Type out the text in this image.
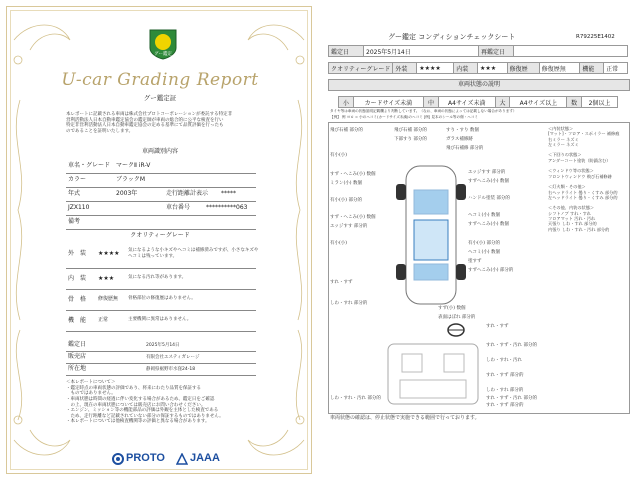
グー鑑定
U-car Grading Report
グー鑑定証
本レポートに記載される車両は株式会社プロトコーポレーションが委託する特定非
営利活動法人日本自動車鑑定協会の鑑定師が車両の総合的に公平な検査を行い
特定非営利活動法人日本自動車鑑定協会の定める基準にて品質評価を行ったも
のであることを証明いたします。
車両識別内容
車名・グレード マークⅡ iR-V
カラー	ブラックM
年式	2003年	走行距離計表示 *****
JZX110	車台番号	**********063
備考
クオリティーグレード
外　装 ★★★★ 気になるような小キズやヘコミは補修済みですが、小さなキズや
ヘコミは残っています。
内　装 ★★★	気になる汚れ等があります。
骨　格 修復歴無 骨格部位の修復歴はありません。
機　能 正常	主要機関に異常はありません。
鑑定日	2025年5月14日
販売店	有限会社エスティガレージ
所在地	静岡県裾野市水窪24-18
＜本レポートについて＞
・鑑定時点の車両状態の評価であり、将来にわたり品質を保証する
　ものではありません。
・車両状態は時間の経過に伴い変化する場合があるため、鑑定日をご確認
　の上、現在の車両状態については販売店にお問い合わせください。
・エンジン、ミッション等の機能部品の評価は外観を主体とした検査である
　ため、走行距離など記載されていない部分の保証するものではありません。
・本レポートについては他検査機関等の評価と異なる場合があります。
PROTO JAAA
R79225E1402
グー鑑定 コンディションチェックシート
鑑定日	2025年5月14日	再鑑定日	
クオリティーグレード	外装	★★★★	内装	★★★	修復歴	修復歴無	機能	正常
車両状態の説明
小	カードサイズ未満	中	A4サイズ未満	大	A4サイズ以上	数	2個以上
タイヤ等は車両の状態説明記載欄より判断しています。（なお、車両の状態によっては記載しない場合があります）
【例】 例 ヨロ = 小のヘコミ(カードサイズ未満)のヘコミ [例] 見本のシール等の傷・ヘコミ
飛び石補 部分的
有小(小)
すず・へこみ(小) 数個
ミラン(小) 数個
有小(小) 部分的
すず・へこみ(小) 数個
エッジすす 部分的
有小(小)
すれ・すず
しわ・すれ 部分的
飛び石補 部分的
下部すり 部分的
すり・すり 数個
ガラス補修跡
飛び石補修 部分的
エッジすす 部分的
すずへこみ(小) 数個
ハンドル塗装 部分的
ヘコミ(小) 数個
すずへこみ(小) 数個
有小(小) 部分的
ヘコミ(小) 数個
塗すず
すずへこみ(小) 部分的
すず(小) 数個
表面はぼれ 部分的
すれ・すず
すれ・すず・汚れ 部分的
しわ・すれ・汚れ
すれ・すず 部分的
しわ・すれ 部分的
すれ・すず 部分的
しわ・すれ・汚れ 部分的	すれ・すず・汚れ 部分的
＜内装状態＞
[マット]・フロア・スポイラー 補修痕
右ミラー ネズミ
左ミラー ネズミ
＜下回りの状態＞
アンダーコート塗装（防錆含む）
＜ウィンドウ等の状態＞
フロントウィンドウ 飛び石補修跡
＜灯火類・その他＞
右ヘッドライト 曇り・くすみ 部分的
左ヘッドライト 曇り・くすみ 部分的
＜その他、内装の状態＞
シフトノブ すれ・すれ
フロアマット 汚れ・汚れ
天張り しわ・すれ 部分的
内張り しわ・すれ・汚れ 部分的
車両状態の確認は、停止状態で実施できる範囲で行っております。
